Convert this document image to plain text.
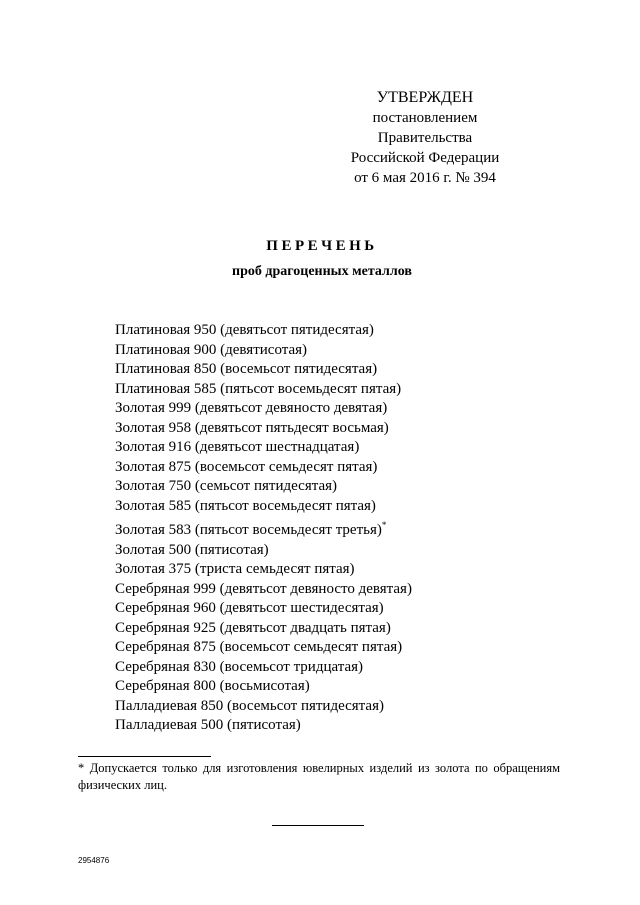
УТВЕРЖДЕН
постановлением Правительства
Российской Федерации
от 6 мая 2016 г. № 394
ПЕРЕЧЕНЬ
проб драгоценных металлов
Платиновая 950 (девятьсот пятидесятая)
Платиновая 900 (девятисотая)
Платиновая 850 (восемьсот пятидесятая)
Платиновая 585 (пятьсот восемьдесят пятая)
Золотая 999 (девятьсот девяносто девятая)
Золотая 958 (девятьсот пятьдесят восьмая)
Золотая 916 (девятьсот шестнадцатая)
Золотая 875 (восемьсот семьдесят пятая)
Золотая 750 (семьсот пятидесятая)
Золотая 585 (пятьсот восемьдесят пятая)
Золотая 583 (пятьсот восемьдесят третья)*
Золотая 500 (пятисотая)
Золотая 375 (триста семьдесят пятая)
Серебряная 999 (девятьсот девяносто девятая)
Серебряная 960 (девятьсот шестидесятая)
Серебряная 925 (девятьсот двадцать пятая)
Серебряная 875 (восемьсот семьдесят пятая)
Серебряная 830 (восемьсот тридцатая)
Серебряная 800 (восьмисотая)
Палладиевая 850 (восемьсот пятидесятая)
Палладиевая 500 (пятисотая)
* Допускается только для изготовления ювелирных изделий из золота по обращениям физических лиц.
2954876
